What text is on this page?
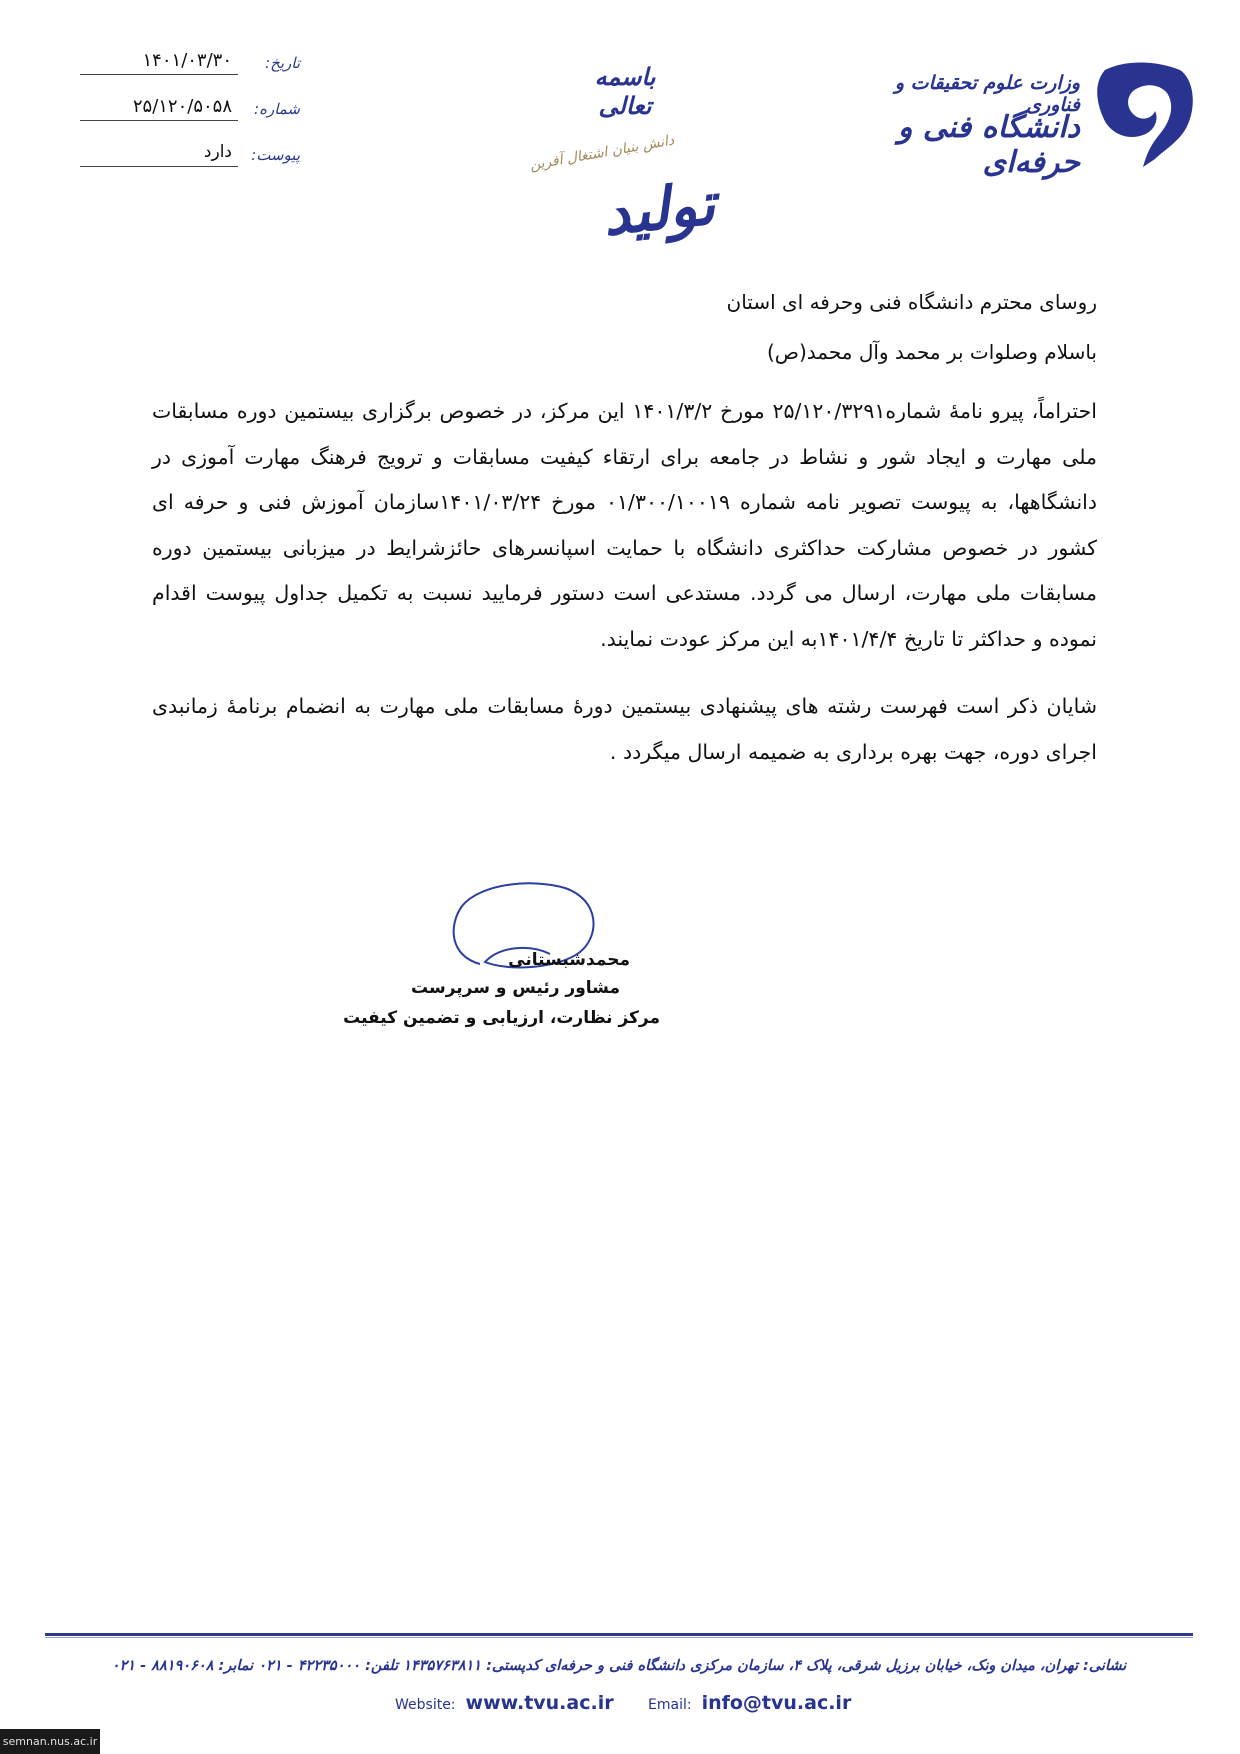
تاریخ:
۱۴۰۱/۰۳/۳۰
شماره:
۲۵/۱۲۰/۵۰۵۸
پیوست:
دارد
باسمه تعالی
تولید
دانش بنیان اشتغال آفرین
وزارت علوم تحقیقات و فناوری
دانشگاه فنی و حرفه‌ای
روسای محترم دانشگاه فنی وحرفه ای استان
باسلام وصلوات بر محمد وآل محمد(ص)
احتراماً، پیرو نامهٔ شماره۲۵/۱۲۰/۳۲۹۱ مورخ ۱۴۰۱/۳/۲ این مرکز، در خصوص برگزاری بیستمین دوره مسابقات ملی مهارت و ایجاد شور و نشاط در جامعه برای ارتقاء کیفیت مسابقات و ترویج فرهنگ مهارت آموزی در دانشگاهها، به پیوست تصویر نامه شماره ۰۱/۳۰۰/۱۰۰۱۹ مورخ ۱۴۰۱/۰۳/۲۴سازمان آموزش فنی و حرفه ای کشور در خصوص مشارکت حداکثری دانشگاه با حمایت اسپانسرهای حائزشرایط در میزبانی بیستمین دوره مسابقات ملی مهارت، ارسال می گردد. مستدعی است دستور فرمایید نسبت به تکمیل جداول پیوست اقدام نموده و حداکثر تا تاریخ ۱۴۰۱/۴/۴به این مرکز عودت نمایند.
شایان ذکر است فهرست رشته های پیشنهادی بیستمین دورهٔ مسابقات ملی مهارت به انضمام برنامهٔ زمانبدی اجرای دوره، جهت بهره برداری به ضمیمه ارسال میگردد .
محمدشبستانی
مشاور رئیس و سرپرست
مرکز نظارت، ارزیابی و تضمین کیفیت
نشانی: تهران، میدان ونک، خیابان برزیل شرقی، پلاک ۴، سازمان مرکزی دانشگاه فنی و حرفه‌ای کدپستی: ۱۴۳۵۷۶۳۸۱۱ تلفن: ۴۲۲۳۵۰۰۰ - ۰۲۱ نمابر: ۸۸۱۹۰۶۰۸ - ۰۲۱
Website: www.tvu.ac.ir Email: info@tvu.ac.ir
semnan.nus.ac.ir
